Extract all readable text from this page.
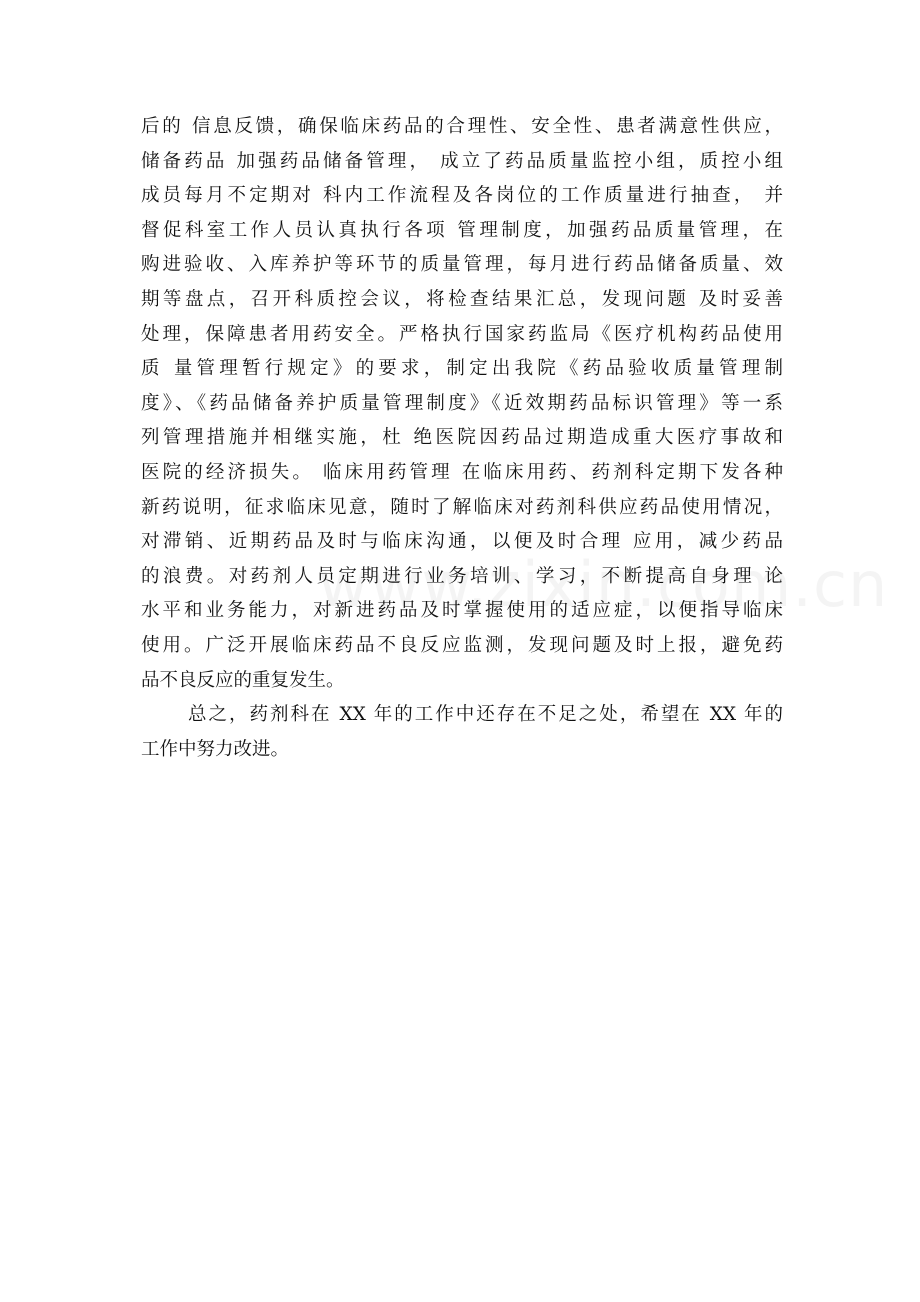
后的 信息反馈，确保临床药品的合理性、安全性、患者满意性供应，
储备药品 加强药品储备管理， 成立了药品质量监控小组，质控小组
成员每月不定期对 科内工作流程及各岗位的工作质量进行抽查， 并
督促科室工作人员认真执行各项 管理制度，加强药品质量管理，在
购进验收、入库养护等环节的质量管理，每月进行药品储备质量、效
期等盘点，召开科质控会议，将检查结果汇总，发现问题 及时妥善
处理，保障患者用药安全。严格执行国家药监局《医疗机构药品使用
质 量管理暂行规定》的要求，制定出我院《药品验收质量管理制
度》、《药品储备养护质量管理制度》《近效期药品标识管理》等一系
列管理措施并相继实施，杜 绝医院因药品过期造成重大医疗事故和
医院的经济损失。 临床用药管理 在临床用药、药剂科定期下发各种
新药说明，征求临床见意，随时了解临床对药剂科供应药品使用情况，
对滞销、近期药品及时与临床沟通，以便及时合理 应用，减少药品
的浪费。对药剂人员定期进行业务培训、学习，不断提高自身理 论
水平和业务能力，对新进药品及时掌握使用的适应症，以便指导临床
使用。广泛开展临床药品不良反应监测，发现问题及时上报，避免药
品不良反应的重复发生。
总之，药剂科在 XX 年的工作中还存在不足之处，希望在 XX 年的
工作中努力改进。
